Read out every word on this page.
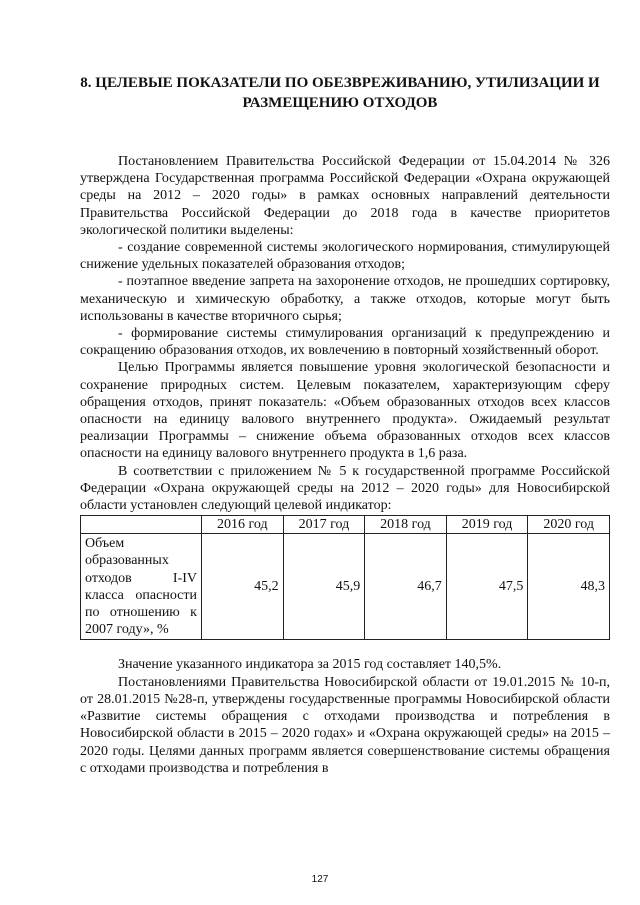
8. ЦЕЛЕВЫЕ ПОКАЗАТЕЛИ ПО ОБЕЗВРЕЖИВАНИЮ, УТИЛИЗАЦИИ И
РАЗМЕЩЕНИЮ ОТХОДОВ

Постановлением Правительства Российской Федерации от 15.04.2014 № 326 утверждена Государственная программа Российской Федерации «Охрана окружающей среды на 2012 – 2020 годы» в рамках основных направлений деятельности Правительства Российской Федерации до 2018 года в качестве приоритетов экологической политики выделены:

- создание современной системы экологического нормирования, стимулирующей снижение удельных показателей образования отходов;

- поэтапное введение запрета на захоронение отходов, не прошедших сортировку, механическую и химическую обработку, а также отходов, которые могут быть использованы в качестве вторичного сырья;

- формирование системы стимулирования организаций к предупреждению и сокращению образования отходов, их вовлечению в повторный хозяйственный оборот.

Целью Программы является повышение уровня экологической безопасности и сохранение природных систем. Целевым показателем, характеризующим сферу обращения отходов, принят показатель: «Объем образованных отходов всех классов опасности на единицу валового внутреннего продукта». Ожидаемый результат реализации Программы – снижение объема образованных отходов всех классов опасности на единицу валового внутреннего продукта в 1,6 раза.

В соответствии с приложением № 5 к государственной программе Российской Федерации «Охрана окружающей среды на 2012 – 2020 годы» для Новосибирской области установлен следующий целевой индикатор:

	2016 год	2017 год	2018 год	2019 год	2020 год
Объем образованных отходов I-IV класса опасности по отношению к 2007 году», %	45,2	45,9	46,7	47,5	48,3

Значение указанного индикатора за 2015 год составляет 140,5%.

Постановлениями Правительства Новосибирской области от 19.01.2015 № 10-п, от 28.01.2015 №28-п, утверждены государственные программы Новосибирской области «Развитие системы обращения с отходами производства и потребления в Новосибирской области в 2015 – 2020 годах» и «Охрана окружающей среды» на 2015 – 2020 годы. Целями данных программ является совершенствование системы обращения с отходами производства и потребления в

127
